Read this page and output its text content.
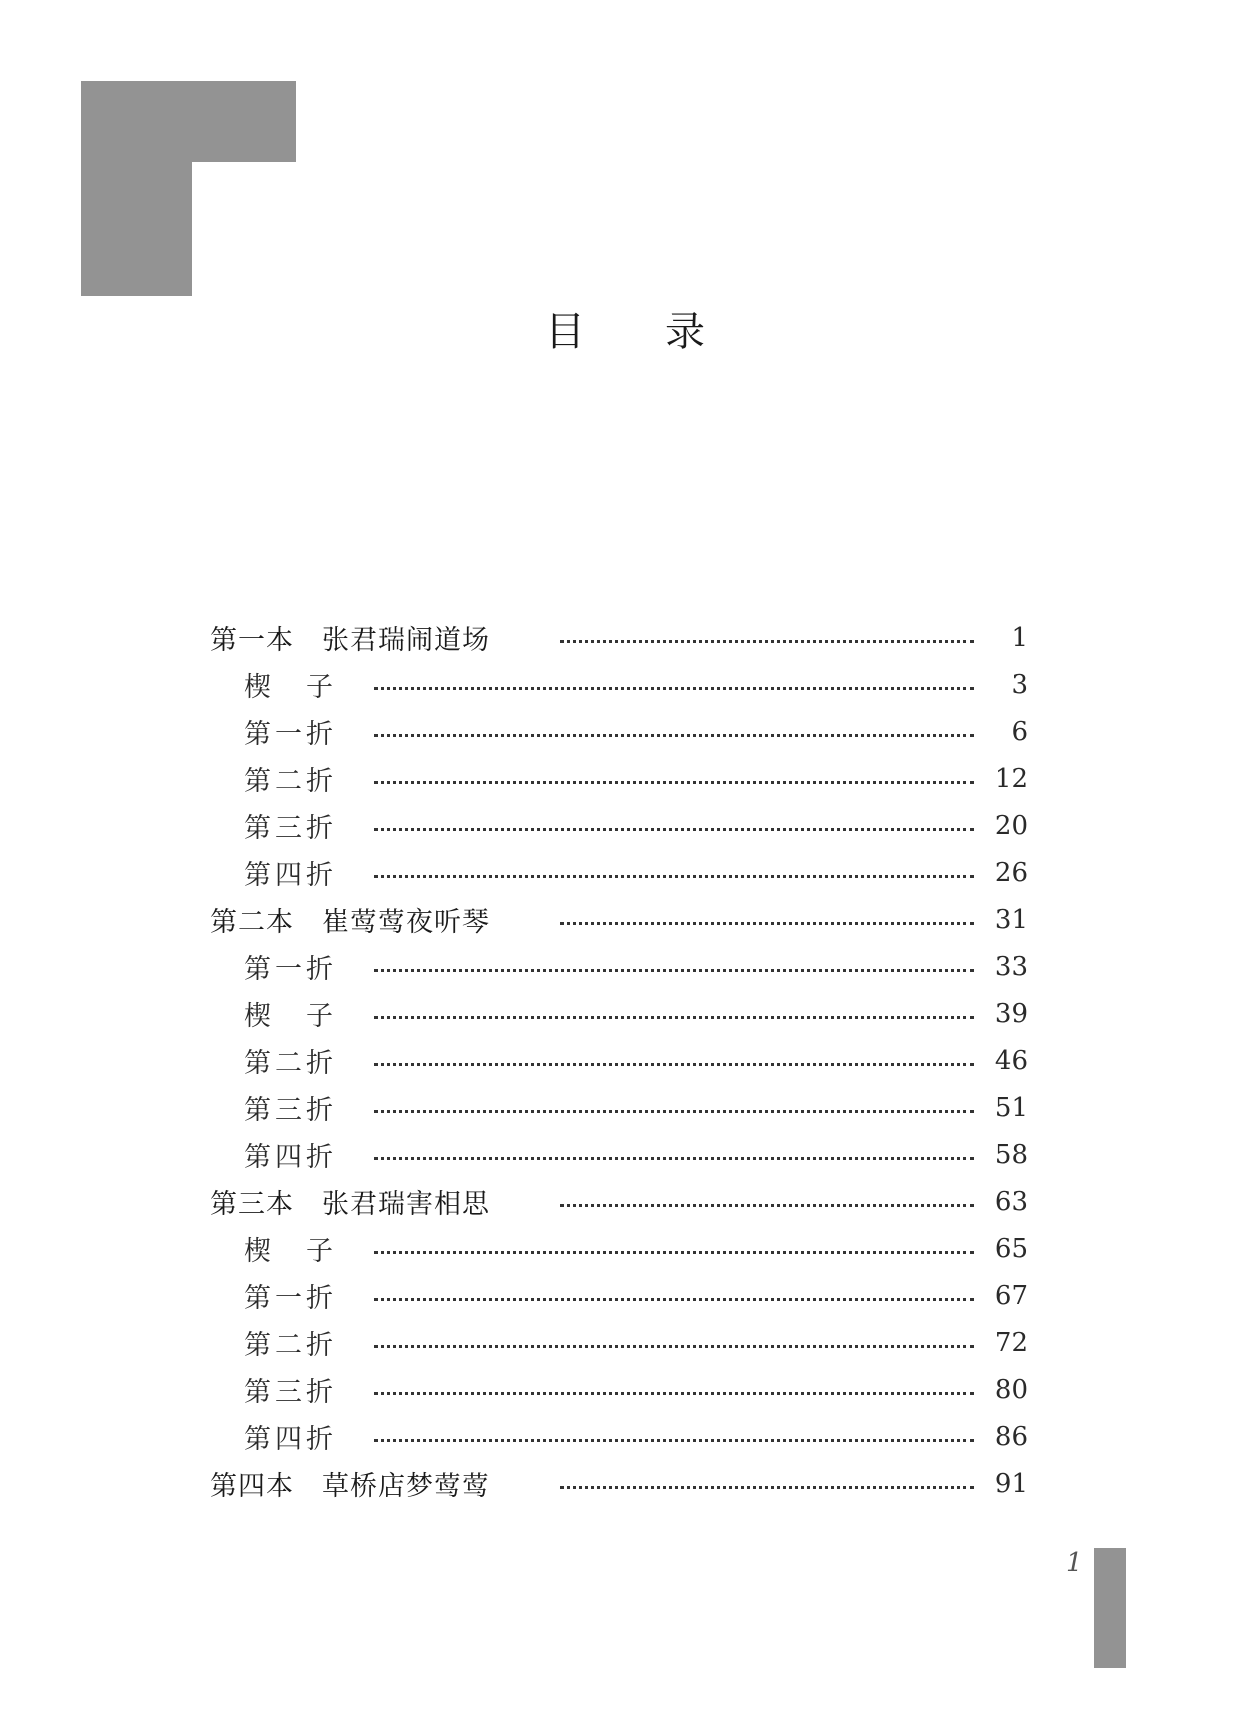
目 录
第一本　张君瑞闹道场	1
楔　子	3
第一折	6
第二折	12
第三折	20
第四折	26
第二本　崔莺莺夜听琴	31
第一折	33
楔　子	39
第二折	46
第三折	51
第四折	58
第三本　张君瑞害相思	63
楔　子	65
第一折	67
第二折	72
第三折	80
第四折	86
第四本　草桥店梦莺莺	91
1
